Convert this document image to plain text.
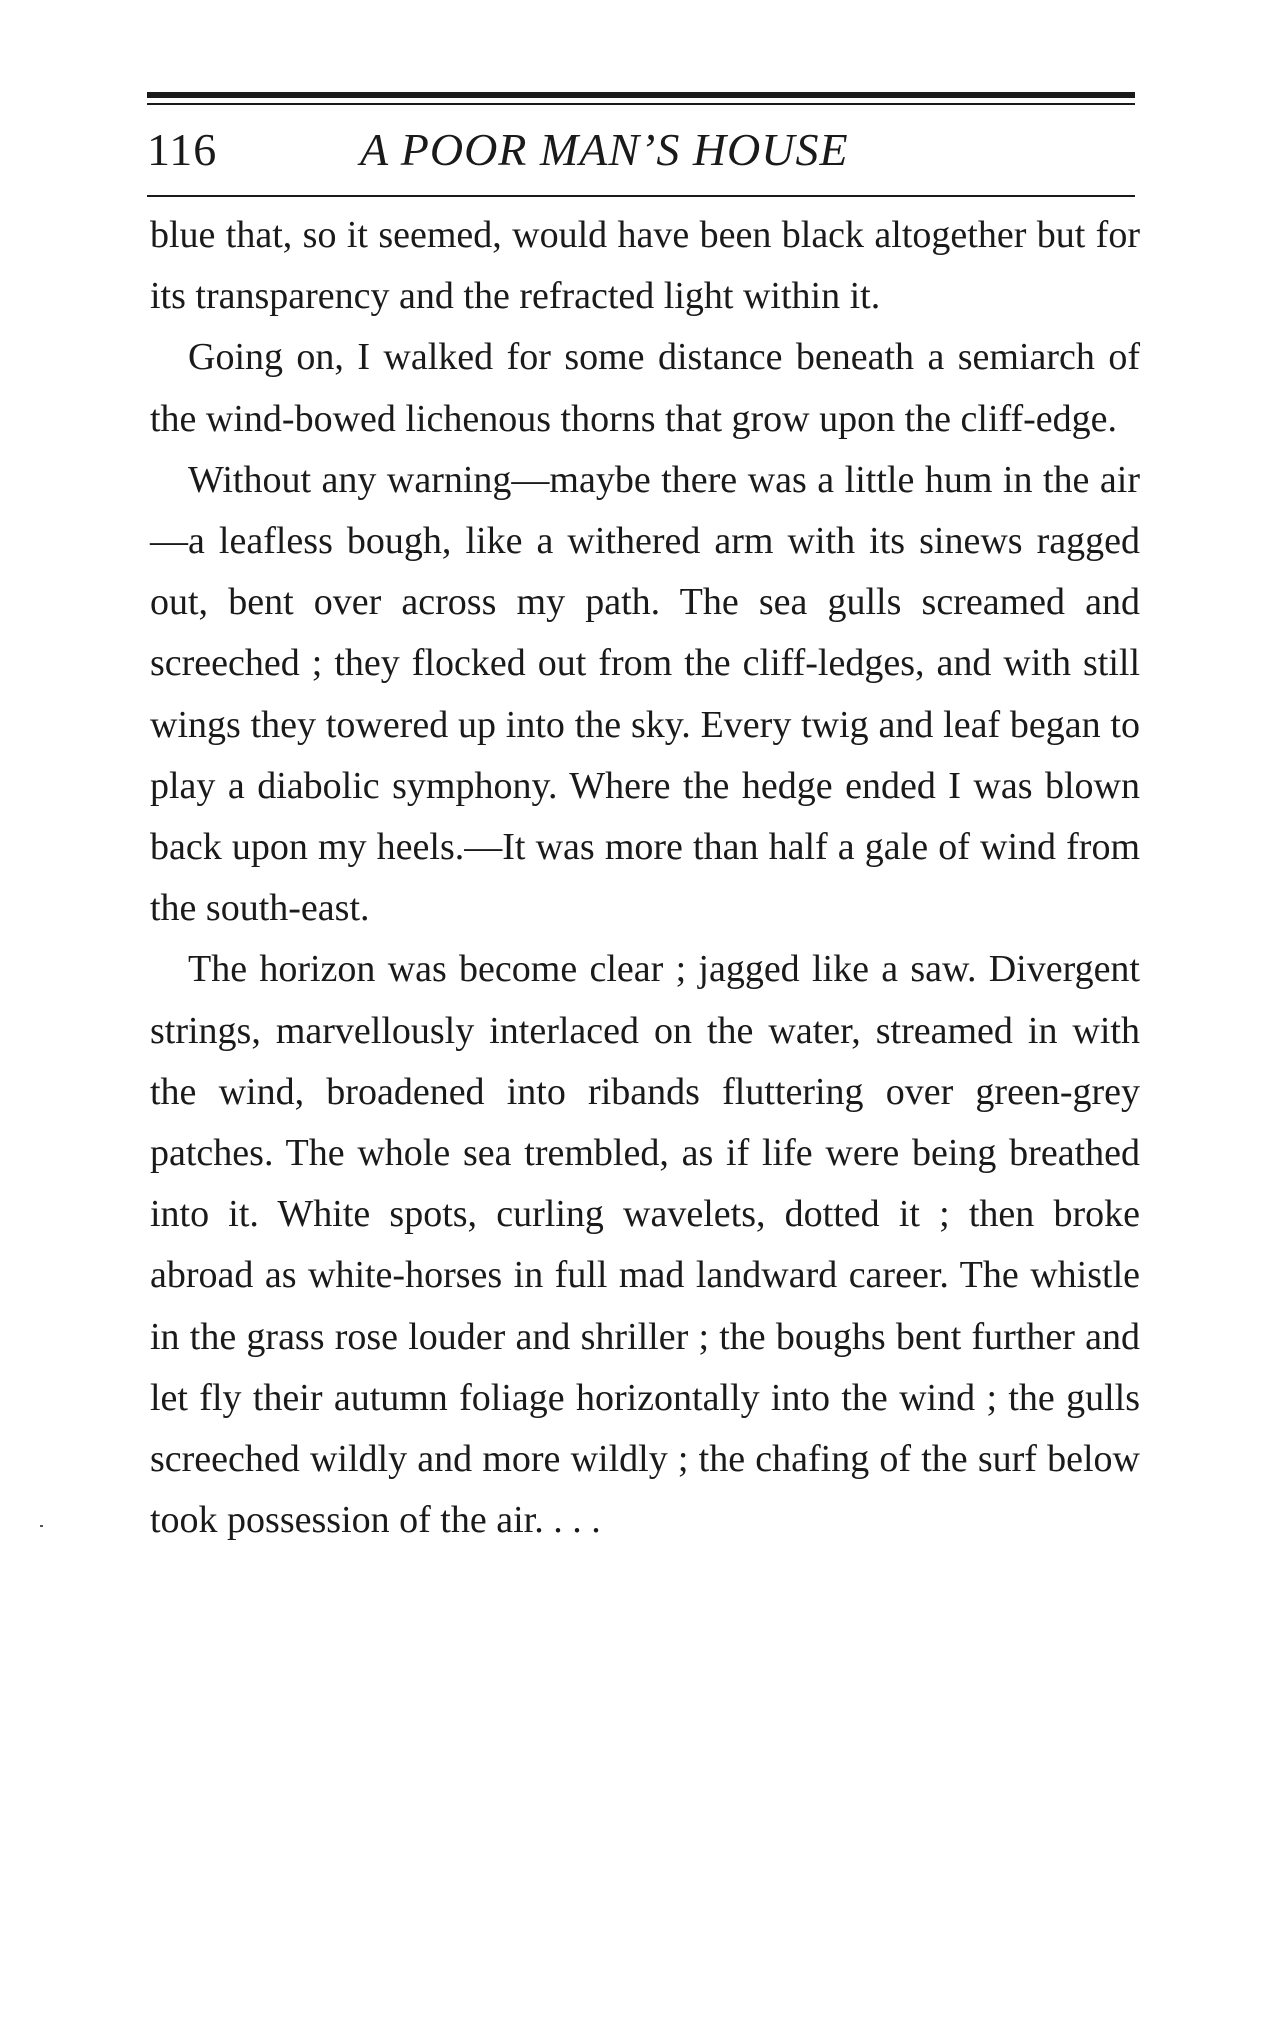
116	A POOR MAN’S HOUSE

blue that, so it seemed, would have been black altogether but for its transparency and the refracted light within it.

Going on, I walked for some distance beneath a semiarch of the wind-bowed lichenous thorns that grow upon the cliff-edge.

Without any warning—maybe there was a little hum in the air—a leafless bough, like a withered arm with its sinews ragged out, bent over across my path. The sea gulls screamed and screeched ; they flocked out from the cliff-ledges, and with still wings they towered up into the sky. Every twig and leaf began to play a diabolic symphony. Where the hedge ended I was blown back upon my heels.—It was more than half a gale of wind from the south-east.

The horizon was become clear ; jagged like a saw. Divergent strings, marvellously interlaced on the water, streamed in with the wind, broadened into ribands fluttering over green-grey patches. The whole sea trembled, as if life were being breathed into it. White spots, curling wavelets, dotted it ; then broke abroad as white-horses in full mad landward career. The whistle in the grass rose louder and shriller ; the boughs bent further and let fly their autumn foliage horizontally into the wind ; the gulls screeched wildly and more wildly ; the chafing of the surf below took possession of the air. . . .
